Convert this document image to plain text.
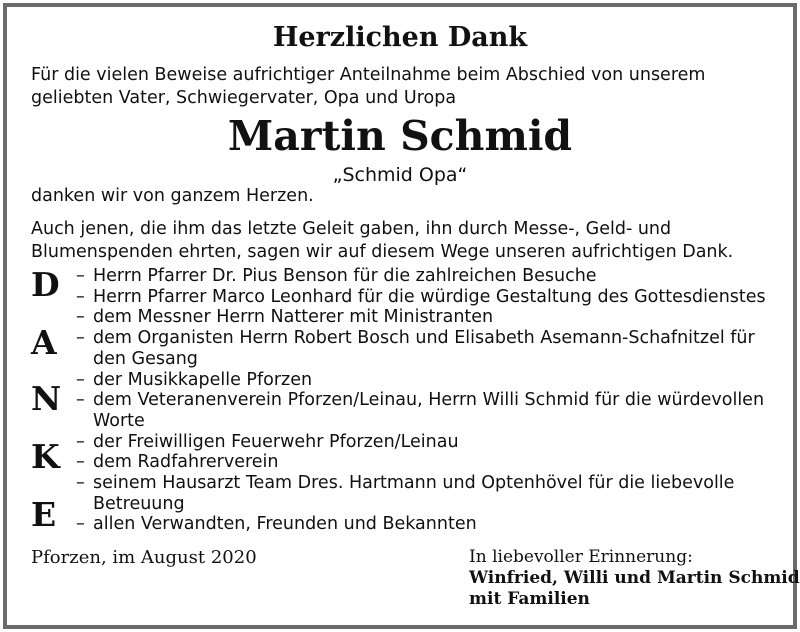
Herzlichen Dank

Für die vielen Beweise aufrichtiger Anteilnahme beim Abschied von unserem geliebten Vater, Schwiegervater, Opa und Uropa

Martin Schmid
„Schmid Opa“

danken wir von ganzem Herzen.

Auch jenen, die ihm das letzte Geleit gaben, ihn durch Messe-, Geld- und Blumenspenden ehrten, sagen wir auf diesem Wege unseren aufrichtigen Dank.

D
A
N
K
E
– Herrn Pfarrer Dr. Pius Benson für die zahlreichen Besuche
– Herrn Pfarrer Marco Leonhard für die würdige Gestaltung des Gottesdienstes
– dem Messner Herrn Natterer mit Ministranten
– dem Organisten Herrn Robert Bosch und Elisabeth Asemann-Schafnitzel für den Gesang
– der Musikkapelle Pforzen
– dem Veteranenverein Pforzen/Leinau, Herrn Willi Schmid für die würdevollen Worte
– der Freiwilligen Feuerwehr Pforzen/Leinau
– dem Radfahrerverein
– seinem Hausarzt Team Dres. Hartmann und Optenhövel für die liebevolle Betreuung
– allen Verwandten, Freunden und Bekannten
Pforzen, im August 2020	In liebevoller Erinnerung:
Winfried, Willi und Martin Schmid
mit Familien
